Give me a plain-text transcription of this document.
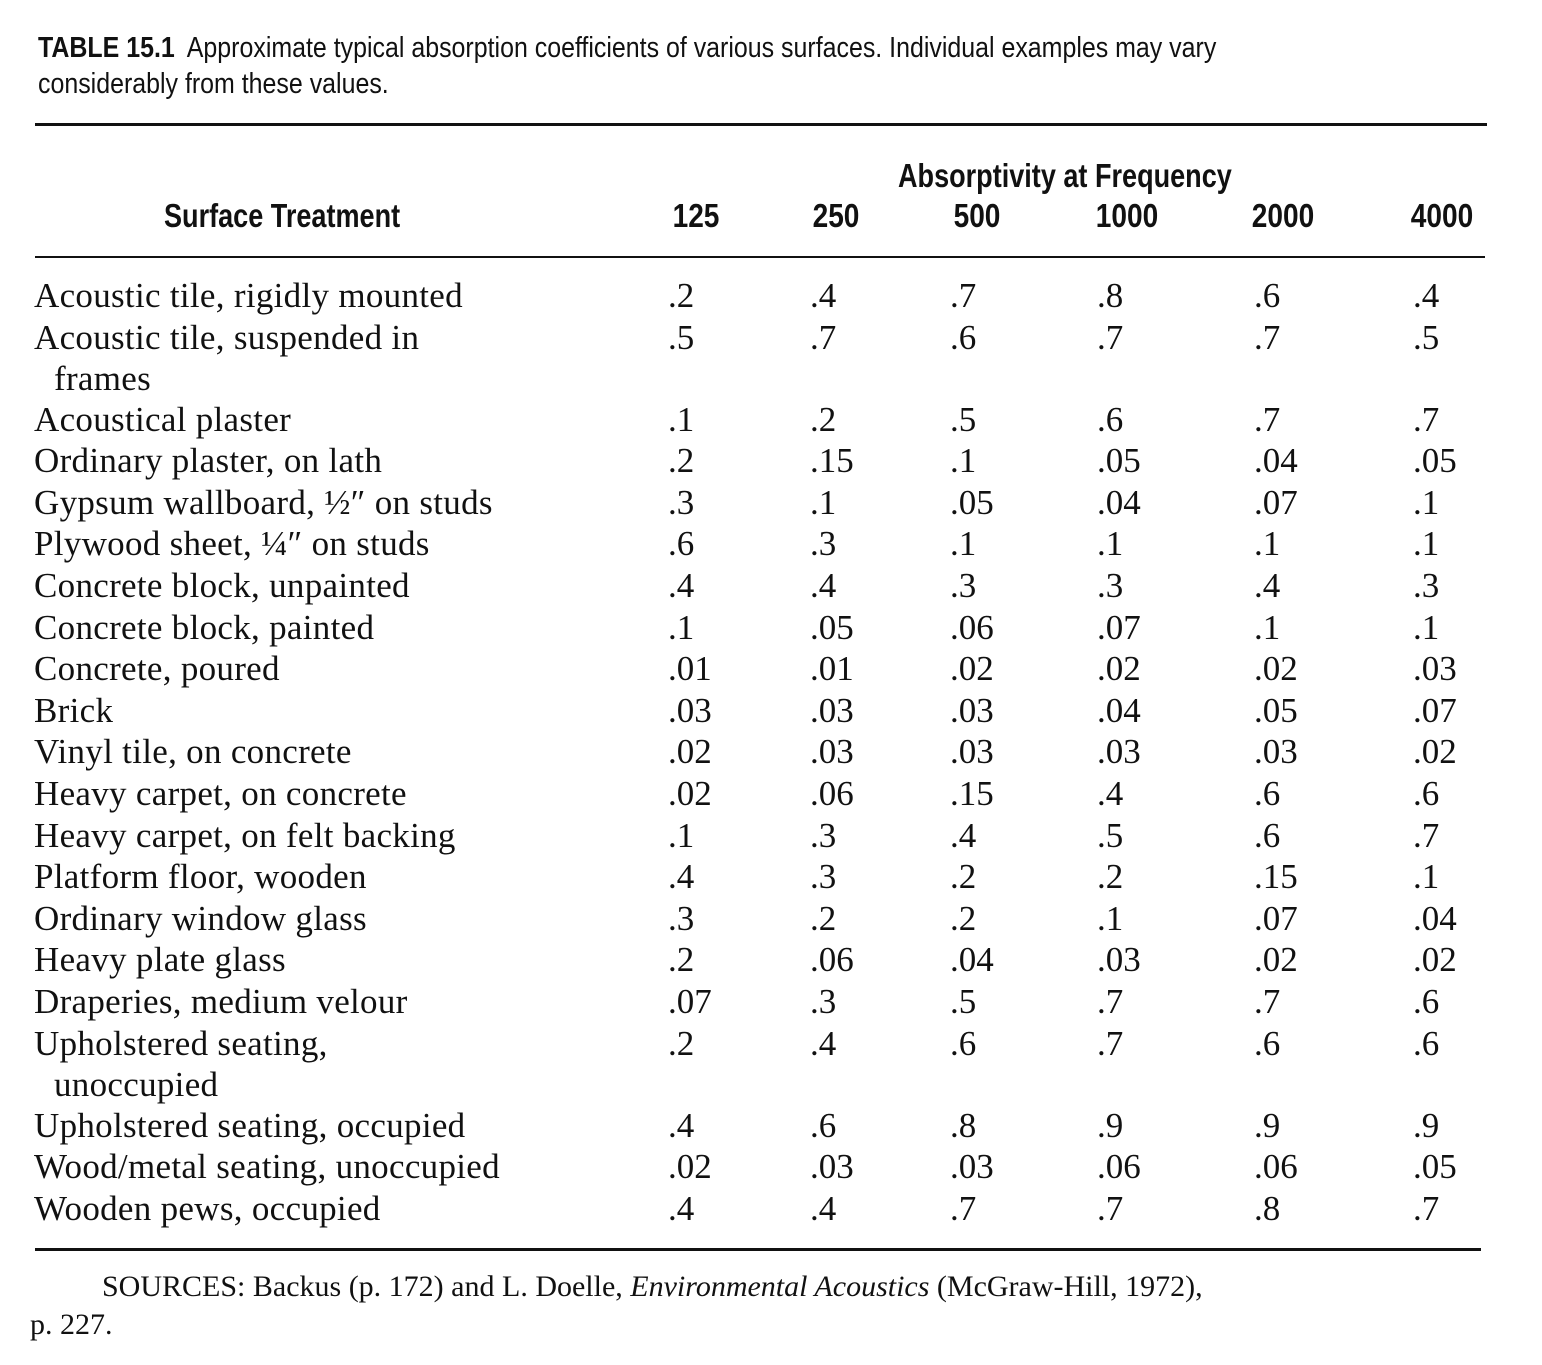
TABLE 15.1 Approximate typical absorption coefficients of various surfaces. Individual examples may vary
considerably from these values.
Absorptivity at Frequency
Surface Treatment	125	250	500	1000	2000	4000
Acoustic tile, rigidly mounted	.2	.4	.7	.8	.6	.4
Acoustic tile, suspended in
frames
.5	.7	.6	.7	.7	.5
Acoustical plaster	.1	.2	.5	.6	.7	.7
Ordinary plaster, on lath	.2	.15	.1	.05	.04	.05
Gypsum wallboard, ½″ on studs	.3	.1	.05	.04	.07	.1
Plywood sheet, ¼″ on studs	.6	.3	.1	.1	.1	.1
Concrete block, unpainted	.4	.4	.3	.3	.4	.3
Concrete block, painted	.1	.05	.06	.07	.1	.1
Concrete, poured	.01	.01	.02	.02	.02	.03
Brick	.03	.03	.03	.04	.05	.07
Vinyl tile, on concrete	.02	.03	.03	.03	.03	.02
Heavy carpet, on concrete	.02	.06	.15	.4	.6	.6
Heavy carpet, on felt backing	.1	.3	.4	.5	.6	.7
Platform floor, wooden	.4	.3	.2	.2	.15	.1
Ordinary window glass	.3	.2	.2	.1	.07	.04
Heavy plate glass	.2	.06	.04	.03	.02	.02
Draperies, medium velour	.07	.3	.5	.7	.7	.6
Upholstered seating,
unoccupied
.2	.4	.6	.7	.6	.6
Upholstered seating, occupied	.4	.6	.8	.9	.9	.9
Wood/metal seating, unoccupied	.02	.03	.03	.06	.06	.05
Wooden pews, occupied	.4	.4	.7	.7	.8	.7
SOURCES: Backus (p. 172) and L. Doelle, Environmental Acoustics (McGraw-Hill, 1972),
p. 227.
